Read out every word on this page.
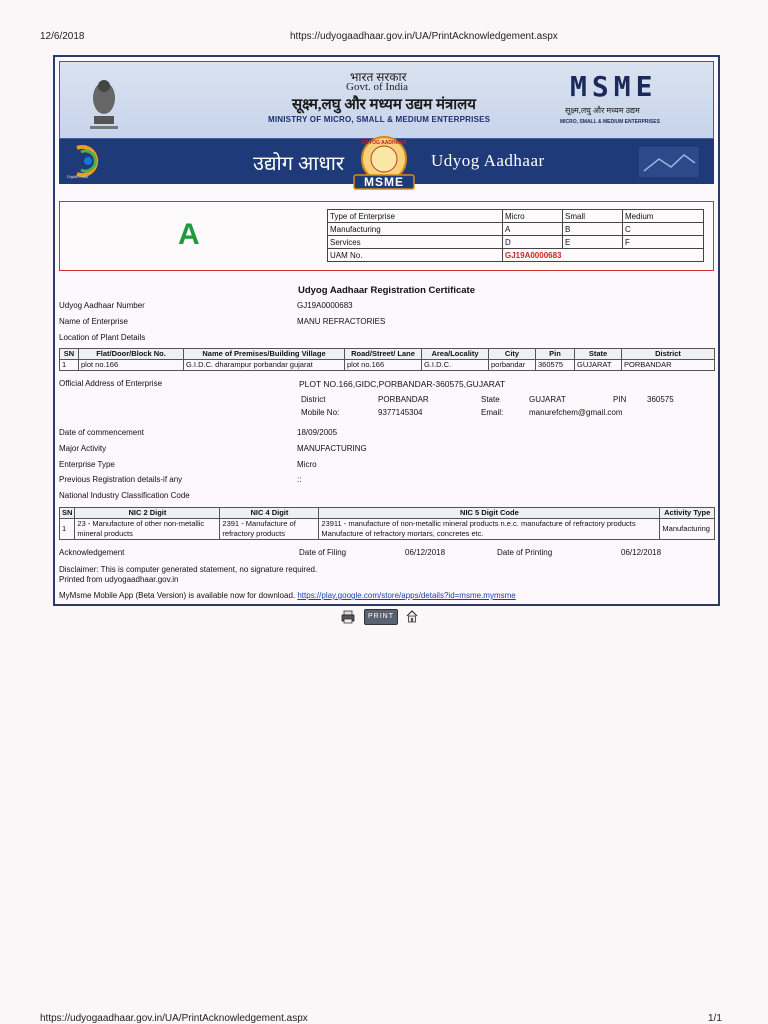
12/6/2018	https://udyogaadhaar.gov.in/UA/PrintAcknowledgement.aspx
भारत सरकार
Govt. of India
सूक्ष्म,लघु और मध्यम उद्यम मंत्रालय
MINISTRY OF MICRO, SMALL & MEDIUM ENTERPRISES
MSME
सूक्ष्म,लघु और मध्यम उद्यम
MICRO, SMALL & MEDIUM ENTERPRISES
Digital India
उद्योग आधार
UDYOG AADHAAR
MSME
Udyog Aadhaar
A
Type of Enterprise	Micro	Small	Medium
Manufacturing	A	B	C
Services	D	E	F
UAM No.	GJ19A0000683		
Udyog Aadhaar Registration Certificate
Udyog Aadhaar Number	GJ19A0000683
Name of Enterprise	MANU REFRACTORIES
Location of Plant Details
SN	Flat/Door/Block No.	Name of Premises/Building Village	Road/Street/ Lane	Area/Locality	City	Pin	State	District
1	plot no.166	G.I.D.C. dharampur porbandar gujarat	plot no.166	G.I.D.C.	porbandar	360575	GUJARAT	PORBANDAR
Official Address of Enterprise	PLOT NO.166,GIDC,PORBANDAR-360575,GUJARAT
District	PORBANDAR	State	GUJARAT	PIN	360575
Mobile No:	9377145304	Email:	manurefchem@gmail.com
Date of commencement	18/09/2005
Major Activity	MANUFACTURING
Enterprise Type	Micro
Previous Registration details-if any	::
National Industry Classification Code
SN	NIC 2 Digit	NIC 4 Digit	NIC 5 Digit Code	Activity Type
1	23 - Manufacture of other non-metallic mineral products	2391 - Manufacture of refractory products	23911 - manufacture of non-metallic mineral products n.e.c. manufacture of refractory products Manufacture of refractory mortars, concretes etc.	Manufacturing
Acknowledgement	Date of Filing	06/12/2018	Date of Printing	06/12/2018
Disclaimer: This is computer generated statement, no signature required.
Printed from udyogaadhaar.gov.in
MyMsme Mobile App (Beta Version) is available now for download. https://play.google.com/store/apps/details?id=msme.mymsme
PRINT
https://udyogaadhaar.gov.in/UA/PrintAcknowledgement.aspx	1/1
